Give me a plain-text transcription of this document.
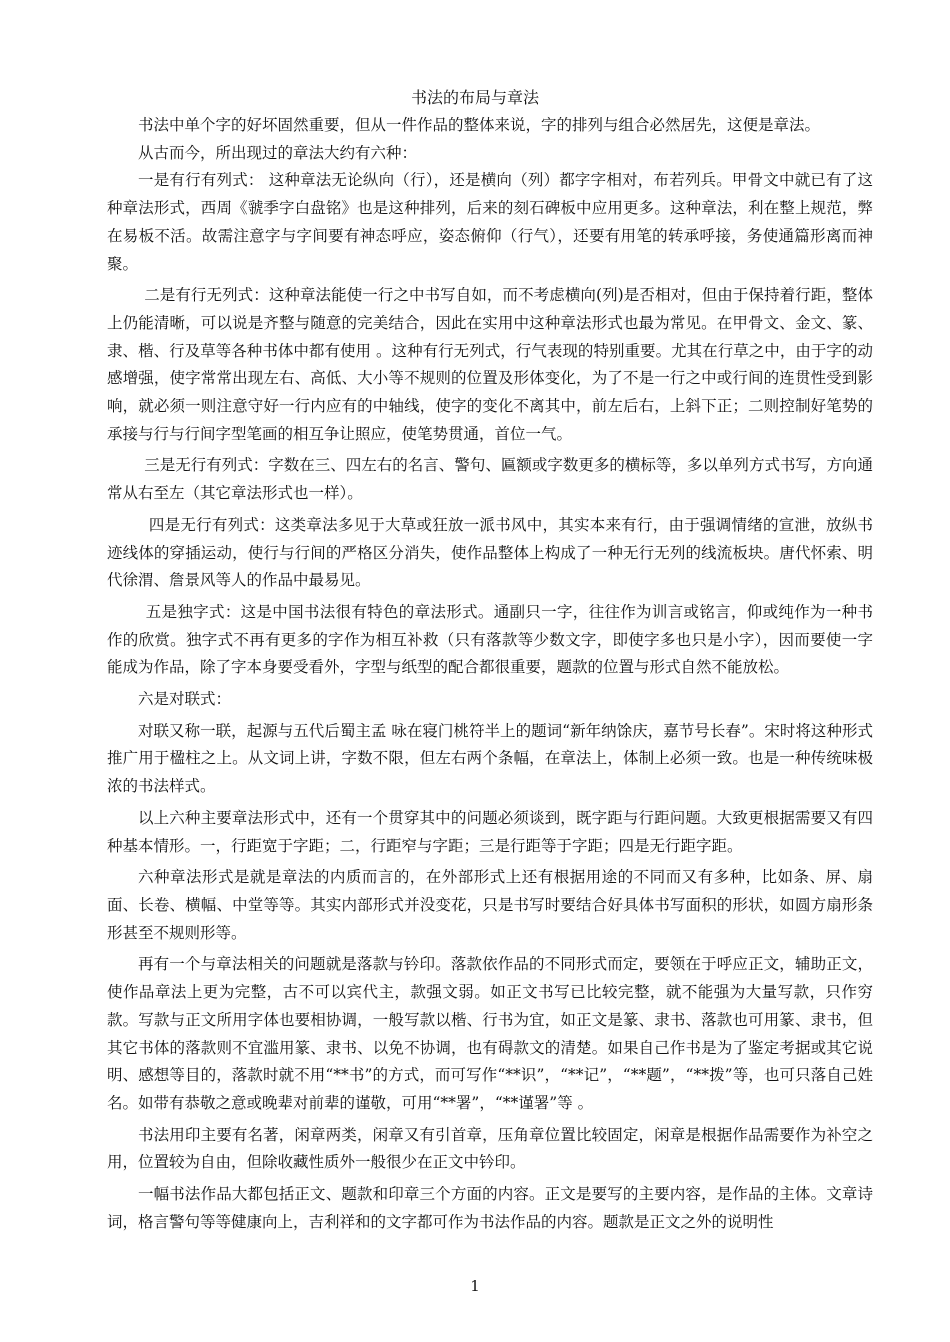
书法的布局与章法

书法中单个字的好坏固然重要，但从一件作品的整体来说，字的排列与组合必然居先，这便是章法。

从古而今，所出现过的章法大约有六种：

一是有行有列式： 这种章法无论纵向（行），还是横向（列）都字字相对，布若列兵。甲骨文中就已有了这种章法形式，西周《虢季字白盘铭》也是这种排列，后来的刻石碑板中应用更多。这种章法，利在整上规范，弊在易板不活。故需注意字与字间要有神态呼应，姿态俯仰（行气），还要有用笔的转承呼接，务使通篇形离而神聚。

二是有行无列式：这种章法能使一行之中书写自如，而不考虑横向(列)是否相对，但由于保持着行距，整体上仍能清晰，可以说是齐整与随意的完美结合，因此在实用中这种章法形式也最为常见。在甲骨文、金文、篆、隶、楷、行及草等各种书体中都有使用 。这种有行无列式，行气表现的特别重要。尤其在行草之中，由于字的动感增强，使字常常出现左右、高低、大小等不规则的位置及形体变化，为了不是一行之中或行间的连贯性受到影响，就必须一则注意守好一行内应有的中轴线，使字的变化不离其中，前左后右，上斜下正；二则控制好笔势的承接与行与行间字型笔画的相互争让照应，使笔势贯通，首位一气。

三是无行有列式：字数在三、四左右的名言、警句、匾额或字数更多的横标等，多以单列方式书写，方向通常从右至左（其它章法形式也一样）。

四是无行有列式：这类章法多见于大草或狂放一派书风中，其实本来有行，由于强调情绪的宣泄，放纵书迹线体的穿插运动，使行与行间的严格区分消失，使作品整体上构成了一种无行无列的线流板块。唐代怀索、明代徐渭、詹景风等人的作品中最易见。

五是独字式：这是中国书法很有特色的章法形式。通副只一字，往往作为训言或铭言，仰或纯作为一种书作的欣赏。独字式不再有更多的字作为相互补救（只有落款等少数文字，即使字多也只是小字），因而要使一字能成为作品，除了字本身要受看外，字型与纸型的配合都很重要，题款的位置与形式自然不能放松。

六是对联式：

对联又称一联，起源与五代后蜀主孟 咏在寝门桃符半上的题词“新年纳馀庆，嘉节号长春”。宋时将这种形式推广用于楹柱之上。从文词上讲，字数不限，但左右两个条幅，在章法上，体制上必须一致。也是一种传统味极浓的书法样式。

以上六种主要章法形式中，还有一个贯穿其中的问题必须谈到，既字距与行距问题。大致更根据需要又有四种基本情形。一，行距宽于字距；二，行距窄与字距；三是行距等于字距；四是无行距字距。

六种章法形式是就是章法的内质而言的，在外部形式上还有根据用途的不同而又有多种，比如条、屏、扇面、长卷、横幅、中堂等等。其实内部形式并没变花，只是书写时要结合好具体书写面积的形状，如圆方扇形条形甚至不规则形等。

再有一个与章法相关的问题就是落款与钤印。落款依作品的不同形式而定，要领在于呼应正文，辅助正文，使作品章法上更为完整，古不可以宾代主，款强文弱。如正文书写已比较完整，就不能强为大量写款，只作穷款。写款与正文所用字体也要相协调，一般写款以楷、行书为宜，如正文是篆、隶书、落款也可用篆、隶书，但其它书体的落款则不宜滥用篆、隶书、以免不协调，也有碍款文的清楚。如果自己作书是为了鉴定考据或其它说明、感想等目的，落款时就不用“**书”的方式，而可写作“**识”，“**记”，“**题”，“**拨”等，也可只落自己姓名。如带有恭敬之意或晚辈对前辈的谨敬，可用“**署”，“**谨署”等 。

书法用印主要有名著，闲章两类，闲章又有引首章，压角章位置比较固定，闲章是根据作品需要作为补空之用，位置较为自由，但除收藏性质外一般很少在正文中钤印。

一幅书法作品大都包括正文、题款和印章三个方面的内容。正文是要写的主要内容，是作品的主体。文章诗词，格言警句等等健康向上，吉利祥和的文字都可作为书法作品的内容。题款是正文之外的说明性

1
